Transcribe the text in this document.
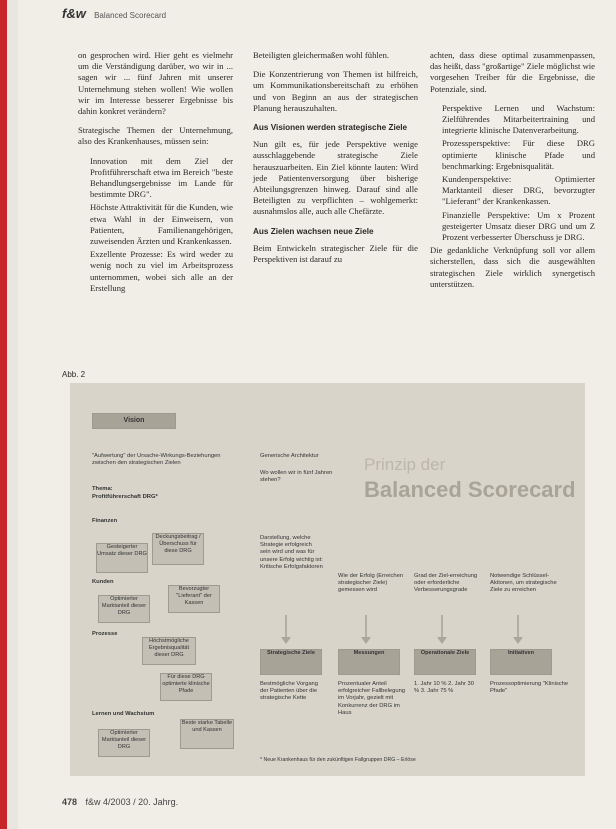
f&w Balanced Scorecard

on gesprochen wird. Hier geht es vielmehr um die Verständigung darüber, wo wir in ... sagen wir ... fünf Jahren mit unserer Unternehmung stehen wollen! Wie wollen wir im Interesse besserer Ergebnisse bis dahin konkret verändern?

Strategische Themen der Unternehmung, also des Krankenhauses, müssen sein:

Innovation mit dem Ziel der Profitführerschaft etwa im Bereich "beste Behandlungsergebnisse im Lande für bestimmte DRG".
Höchste Attraktivität für die Kunden, wie etwa Wahl in der Einweisern, von Patienten, Familienangehörigen, zuweisenden Ärzten und Krankenkassen.
Exzellente Prozesse: Es wird weder zu wenig noch zu viel im Arbeitsprozess unternommen, wobei sich alle an der Erstellung

Beteiligten gleichermaßen wohl fühlen.

Die Konzentrierung von Themen ist hilfreich, um Kommunikationsbereitschaft zu erhöhen und von Beginn an aus der strategischen Planung herauszuhalten.

Aus Visionen werden strategische Ziele

Nun gilt es, für jede Perspektive wenige ausschlaggebende strategische Ziele herauszuarbeiten. Ein Ziel könnte lauten: Wird jede Patientenversorgung über bisherige Abteilungsgrenzen hinweg. Darauf sind alle Beteiligten zu verpflichten – wohlgemerkt: ausnahmslos alle, auch alle Chefärzte.

Aus Zielen wachsen neue Ziele

Beim Entwickeln strategischer Ziele für die Perspektiven ist darauf zu

achten, dass diese optimal zusammenpassen, das heißt, dass "großartige" Ziele möglichst wie vorgesehen Treiber für die Ergebnisse, die Potenziale, sind.

Perspektive Lernen und Wachstum: Zielführendes Mitarbeitertraining und integrierte klinische Datenverarbeitung.
Prozessperspektive: Für diese DRG optimierte klinische Pfade und benchmarking: Ergebnisqualität.
Kundenperspektive: Optimierter Marktanteil dieser DRG, bevorzugter "Lieferant" der Krankenkassen.
Finanzielle Perspektive: Um x Prozent gesteigerter Umsatz dieser DRG und um Z Prozent verbesserter Überschuss je DRG.

Die gedankliche Verknüpfung soll vor allem sicherstellen, dass sich die ausgewählten strategischen Ziele wirklich synergetisch unterstützen.

Abb. 2
Vision
"Aufwertung" der Ursache-Wirkungs-Beziehungen zwischen den strategischen Zielen
Thema:
Profitführerschaft DRG*
Generische Architektur
Wo wollen wir in fünf Jahren stehen?
Prinzip der
Balanced Scorecard
Finanzen
Deckungsbeitrag / Überschuss für diese DRG
Gesteigerter Umsatz dieser DRG
Kunden
Bevorzugter "Lieferant" der Kassen
Optimierter Marktanteil dieser DRG
Prozesse
Höchstmögliche Ergebnisqualität dieser DRG
Für diese DRG optimierte klinische Pfade
Lernen und Wachstum
Beste starke Tabelle und Kassen
Optimierter Marktanteil dieser DRG
Darstellung, welche Strategie erfolgreich sein wird und was für unsere Erfolg wichtig ist: Kritische Erfolgsfaktoren
Wie der Erfolg (Erreichen strategischer Ziele) gemessen wird
Grad der Ziel-erreichung oder erforderliche Verbesserungsgrade
Notwendige Schlüssel-Aktionen, um strategische Ziele zu erreichen
Strategische Ziele	Messungen	Operationale Ziele	Initiativen
Bestmögliche Vorgang der Patienten über die strategische Kette
Prozentualer Anteil erfolgreicher Fallbelegung im Vorjahr, gezielt mit Konkurrenz der DRG im Haus
1. Jahr 10 % 2. Jahr 30 % 3. Jahr 75 %
Prozessoptimierung "Klinische Pfade"
* Neue Krankenhaus für den zukünftigen Fallgruppen DRG – Erlöse
478 f&w 4/2003 / 20. Jahrg.
